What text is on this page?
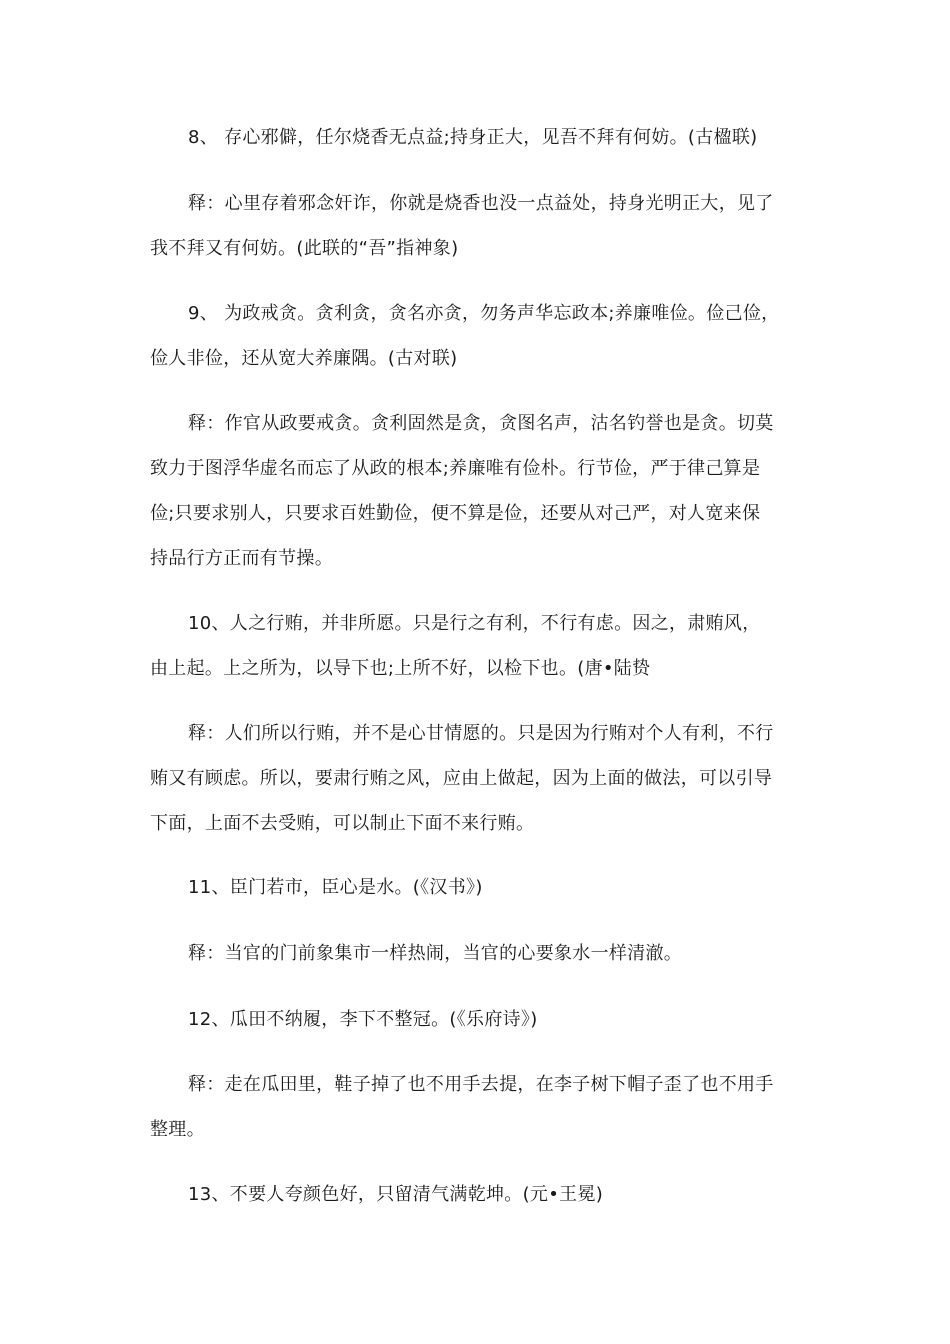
8、 存心邪僻，任尔烧香无点益;持身正大，见吾不拜有何妨。(古楹联)
释：心里存着邪念奸诈，你就是烧香也没一点益处，持身光明正大，见了
我不拜又有何妨。(此联的“吾”指神象)
9、 为政戒贪。贪利贪，贪名亦贪，勿务声华忘政本;养廉唯俭。俭己俭，
俭人非俭，还从宽大养廉隅。(古对联)
释：作官从政要戒贪。贪利固然是贪，贪图名声，沽名钓誉也是贪。切莫
致力于图浮华虚名而忘了从政的根本;养廉唯有俭朴。行节俭，严于律己算是
俭;只要求别人，只要求百姓勤俭，便不算是俭，还要从对己严，对人宽来保
持品行方正而有节操。
10、人之行贿，并非所愿。只是行之有利，不行有虑。因之，肃贿风，
由上起。上之所为，以导下也;上所不好，以检下也。(唐•陆贽
释：人们所以行贿，并不是心甘情愿的。只是因为行贿对个人有利，不行
贿又有顾虑。所以，要肃行贿之风，应由上做起，因为上面的做法，可以引导
下面，上面不去受贿，可以制止下面不来行贿。
11、臣门若市，臣心是水。(《汉书》)
释：当官的门前象集市一样热闹，当官的心要象水一样清澈。
12、瓜田不纳履，李下不整冠。(《乐府诗》)
释：走在瓜田里，鞋子掉了也不用手去提，在李子树下帽子歪了也不用手
整理。
13、不要人夸颜色好，只留清气满乾坤。(元•王冕)
